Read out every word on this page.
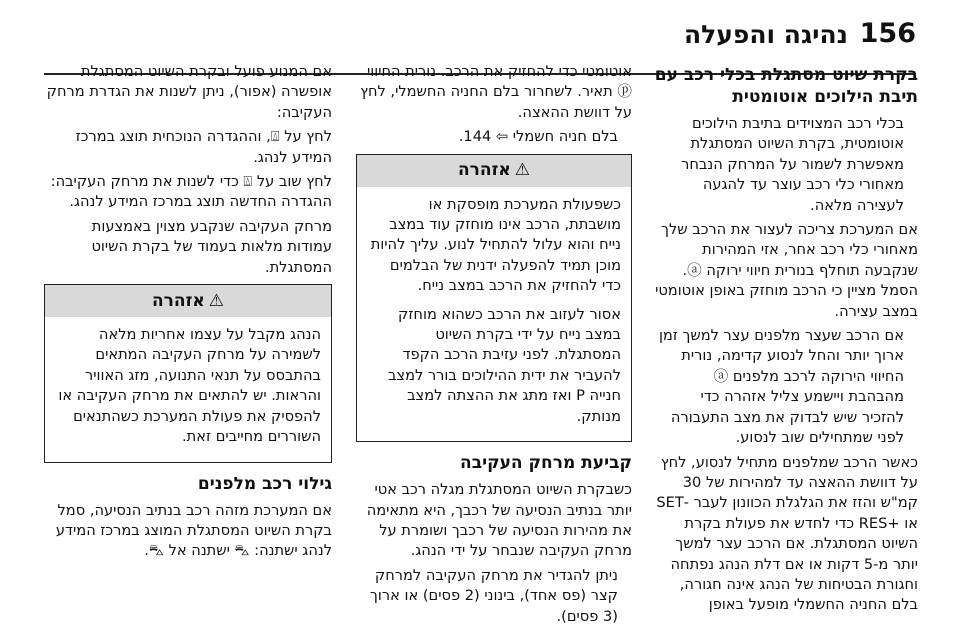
156
נהיגה והפעלה
בקרת שיוט מסתגלת בכלי רכב עם תיבת הילוכים אוטומטית

בכלי רכב המצוידים בתיבת הילוכים אוטומטית, בקרת השיוט המסתגלת מאפשרת לשמור על המרחק הנבחר מאחורי כלי רכב עוצר עד להגעה לעצירה מלאה.

אם המערכת צריכה לעצור את הרכב שלך מאחורי כלי רכב אחר, אזי המהירות שנקבעה תוחלף בנורית חיווי ירוקה ⓐ. הסמל מציין כי הרכב מוחזק באופן אוטומטי במצב עצירה.

אם הרכב שעצר מלפנים עצר למשך זמן ארוך יותר והחל לנסוע קדימה, נורית החיווי הירוקה לרכב מלפנים ⓐ מהבהבת ויישמע צליל אזהרה כדי להזכיר שיש לבדוק את מצב התעבורה לפני שמתחילים שוב לנסוע.

כאשר הרכב שמלפנים מתחיל לנסוע, לחץ על דוושת ההאצה עד למהירות של 30 קמ"ש והזז את הגלגלת הכוונון לעבר -SET או +RES כדי לחדש את פעולת בקרת השיוט המסתגלת. אם הרכב עצר למשך יותר מ-5 דקות או אם דלת הנהג נפתחה וחגורת הבטיחות של הנהג אינה חגורה, בלם החניה החשמלי מופעל באופן

אוטומטי כדי להחזיק את הרכב. נורית החיווי ⓟ תאיר. לשחרור בלם החניה החשמלי, לחץ על דוושת ההאצה.

בלם חניה חשמלי ⇦ 144.

⚠
אזהרה

כשפעולת המערכת מופסקת או מושבתת, הרכב אינו מוחזק עוד במצב נייח והוא עלול להתחיל לנוע. עליך להיות מוכן תמיד להפעלה ידנית של הבלמים כדי להחזיק את הרכב במצב נייח.

אסור לעזוב את הרכב כשהוא מוחזק במצב נייח על ידי בקרת השיוט המסתגלת. לפני עזיבת הרכב הקפד להעביר את ידית ההילוכים בורר למצב חנייה P ואז מתג את ההצתה למצב מנותק.

קביעת מרחק העקיבה

כשבקרת השיוט המסתגלת מגלה רכב אטי יותר בנתיב הנסיעה של רכבך, היא מתאימה את מהירות הנסיעה של רכבך ושומרת על מרחק העקיבה שנבחר על ידי הנהג.

ניתן להגדיר את מרחק העקיבה למרחק קצר (פס אחד), בינוני (2 פסים) או ארוך (3 פסים).

אם המנוע פועל ובקרת השיוט המסתגלת אופשרה (אפור), ניתן לשנות את הגדרת מרחק העקיבה:

לחץ על ⍍, וההגדרה הנוכחית תוצג במרכז המידע לנהג.

לחץ שוב על ⍍ כדי לשנות את מרחק העקיבה: ההגדרה החדשה תוצג במרכז המידע לנהג.

מרחק העקיבה שנקבע מצוין באמצעות עמודות מלאות בעמוד של בקרת השיוט המסתגלת.

⚠
אזהרה

הנהג מקבל על עצמו אחריות מלאה לשמירה על מרחק העקיבה המתאים בהתבסס על תנאי התנועה, מזג האוויר והראות. יש להתאים את מרחק העקיבה או להפסיק את פעולת המערכת כשהתנאים השוררים מחייבים זאת.

גילוי רכב מלפנים

אם המערכת מזהה רכב בנתיב הנסיעה, סמל בקרת השיוט המסתגלת המוצג במרכז המידע לנהג ישתנה: ⛍ ישתנה אל ⛍.
